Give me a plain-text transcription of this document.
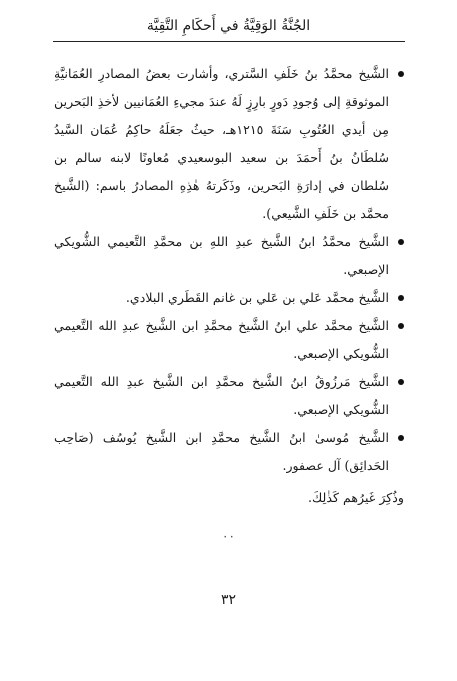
الجُنَّةُ الوَقِيَّةُ في أَحكَامِ التَّقِيَّة
الشَّيخ محمَّدُ بنُ خَلَفِ السَّتري، وأشارت بعضُ المصادرِ العُمَانيَّةِ الموثوقةِ إلى وُجودِ دَورٍ بارِزٍ لَهُ عندَ مجيءِ العُمَانيين لأخذِ البَحرين مِن أيدي العُتُوبِ سَنَةَ ١٢١٥هـ، حيثُ جعَلَهُ حاكِمُ عُمَان السَّيدُ سُلطَانُ بنُ أَحمَدَ بن سعيد البوسعيدي مُعاونًا لابنه سالم بن سُلطان في إدارَةِ البَحرين، وذَكَرتهُ هٰذِهِ المصادرُ باسم: (الشَّيخ محمَّد بن خَلَفِ الشَّيعي).
الشَّيخ محمَّدُ ابنُ الشَّيخ عبدِ اللهِ بن محمَّدِ التَّعيمي الشُّويكي الإصبعي.
الشَّيخ محمَّد عَلي بن عَلي بن غانم القَطَري البلادي.
الشَّيخ محمَّد علي ابنُ الشَّيخ محمَّدِ ابن الشَّيخ عبدِ الله التَّعيمي الشُّويكي الإصبعي.
الشَّيخ مَرزُوقُ ابنُ الشَّيخ محمَّدِ ابن الشَّيخ عبدِ الله التَّعيمي الشُّويكي الإصبعي.
الشَّيخ مُوسىٰ ابنُ الشَّيخ محمَّدِ ابن الشَّيخ يُوسُف (صَاحِب الحَدائِق) آل عصفور.

وذُكِرَ غَيرُهم كَذٰلِكَ.

٠٠
٣٢
